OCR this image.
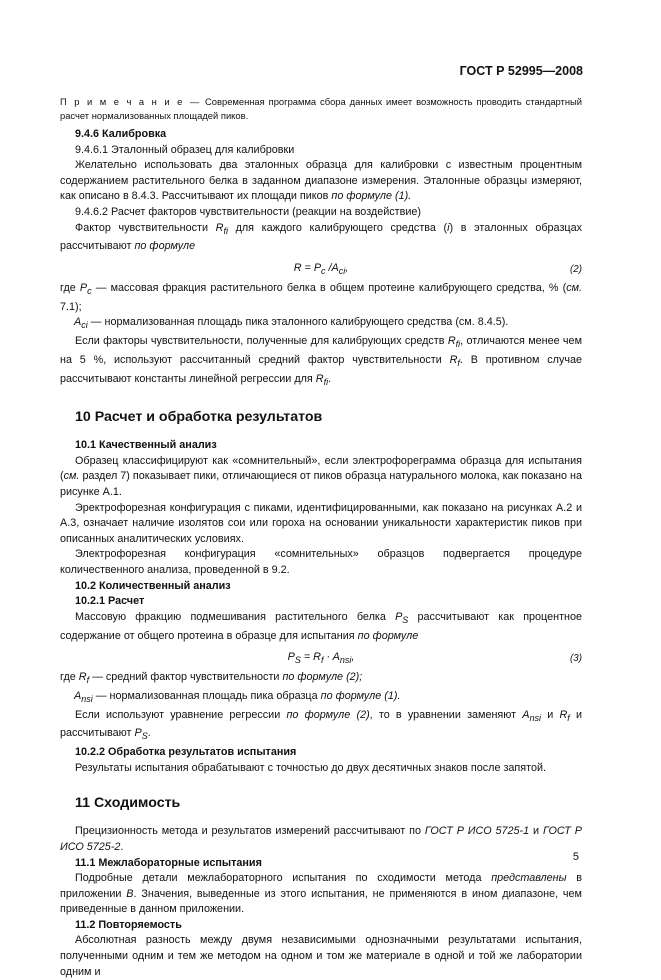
ГОСТ Р 52995—2008

П р и м е ч а н и е — Современная программа сбора данных имеет возможность проводить стандартный расчет нормализованных площадей пиков.

9.4.6 Калибровка

9.4.6.1 Эталонный образец для калибровки

Желательно использовать два эталонных образца для калибровки с известным процентным содержанием растительного белка в заданном диапазоне измерения. Эталонные образцы измеряют, как описано в 8.4.3. Рассчитывают их площади пиков по формуле (1).

9.4.6.2 Расчет факторов чувствительности (реакции на воздействие)

Фактор чувствительности $R_{fi}$ для каждого калибрующего средства (i) в эталонных образцах рассчитывают по формуле

$R = P_c$ $/A_{ci}$,	(2)

где $P_c$ — массовая фракция растительного белка в общем протеине калибрующего средства, % (см. 7.1);

$A_{ci}$ — нормализованная площадь пика эталонного калибрующего средства (см. 8.4.5).

Если факторы чувствительности, полученные для калибрующих средств $R_{fi}$, отличаются менее чем на 5 %, используют рассчитанный средний фактор чувствительности $R_f$. В противном случае рассчитывают константы линейной регрессии для $R_{fi}$.

10 Расчет и обработка результатов

10.1 Качественный анализ

Образец классифицируют как «сомнительный», если электрофореграмма образца для испытания (см. раздел 7) показывает пики, отличающиеся от пиков образца натурального молока, как показано на рисунке А.1.

Эректрофорезная конфигурация с пиками, идентифицированными, как показано на рисунках А.2 и А.3, означает наличие изолятов сои или гороха на основании уникальности характеристик пиков при описанных аналитических условиях.

Электрофорезная конфигурация «сомнительных» образцов подвергается процедуре количественного анализа, проведенной в 9.2.

10.2 Количественный анализ

10.2.1 Расчет

Массовую фракцию подмешивания растительного белка $P_S$ рассчитывают как процентное содержание от общего протеина в образце для испытания по формуле

$P_S = R_f \cdot A_{nsi}$,	(3)

где $R_f$ — средний фактор чувствительности по формуле (2);

$A_{nsi}$ — нормализованная площадь пика образца по формуле (1).

Если используют уравнение регрессии по формуле (2), то в уравнении заменяют $A_{nsi}$ и $R_f$ и рассчитывают $P_S$.

10.2.2 Обработка результатов испытания

Результаты испытания обрабатывают с точностью до двух десятичных знаков после запятой.

11 Сходимость

Прецизионность метода и результатов измерений рассчитывают по ГОСТ Р ИСО 5725-1 и ГОСТ Р ИСО 5725-2.

11.1 Межлабораторные испытания

Подробные детали межлабораторного испытания по сходимости метода представлены в приложении В. Значения, выведенные из этого испытания, не применяются в ином диапазоне, чем приведенные в данном приложении.

11.2 Повторяемость

Абсолютная разность между двумя независимыми однозначными результатами испытания, полученными одним и тем же методом на одном и том же материале в одной и той же лаборатории одним и

5
